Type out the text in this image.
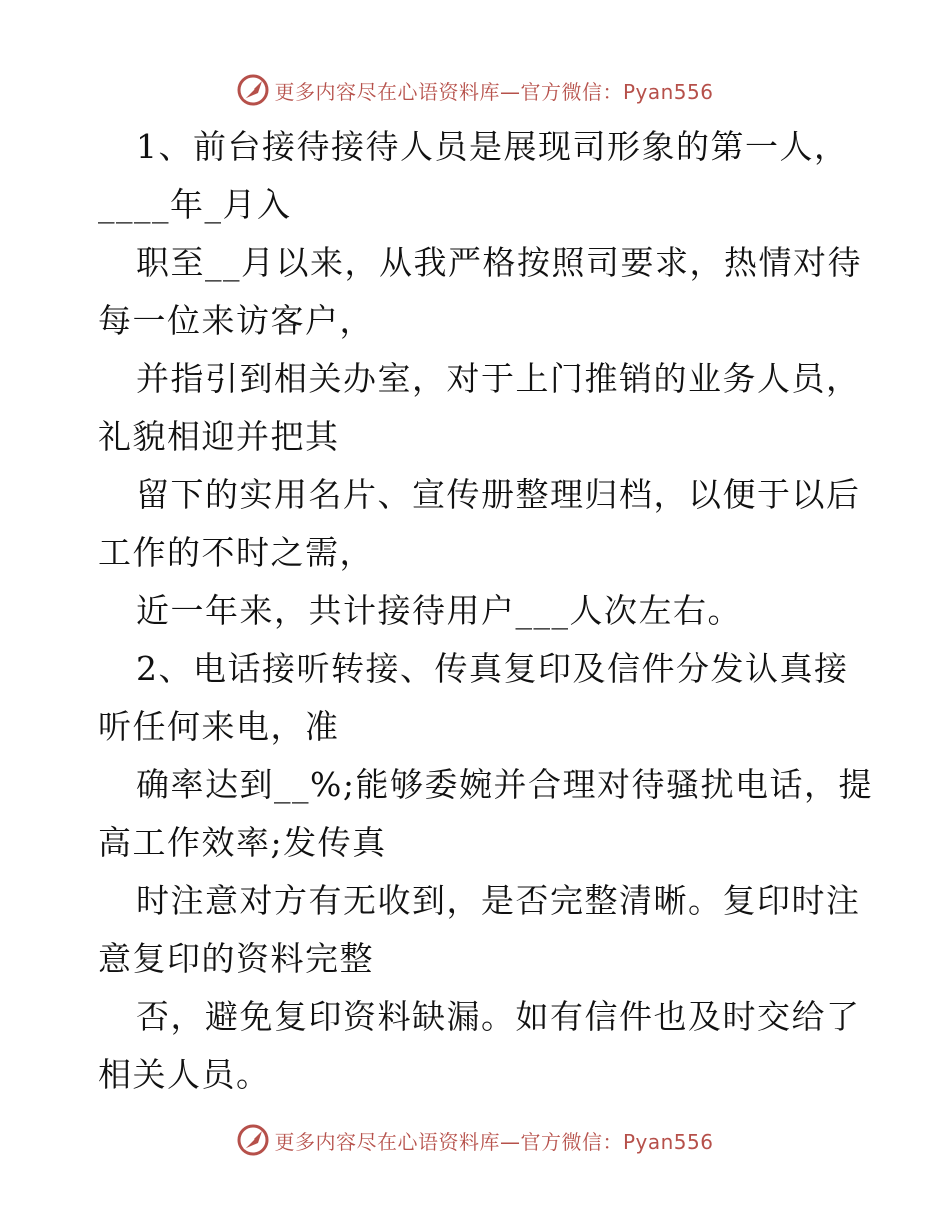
更多内容尽在心语资料库—官方微信：Pyan556
1、前台接待接待人员是展现司形象的第一人，
____年_月入
职至__月以来，从我严格按照司要求，热情对待
每一位来访客户，
并指引到相关办室，对于上门推销的业务人员，
礼貌相迎并把其
留下的实用名片、宣传册整理归档，以便于以后
工作的不时之需，
近一年来，共计接待用户___人次左右。
2、电话接听转接、传真复印及信件分发认真接
听任何来电，准
确率达到__%;能够委婉并合理对待骚扰电话，提
高工作效率;发传真
时注意对方有无收到，是否完整清晰。复印时注
意复印的资料完整
否，避免复印资料缺漏。如有信件也及时交给了
相关人员。
更多内容尽在心语资料库—官方微信：Pyan556
